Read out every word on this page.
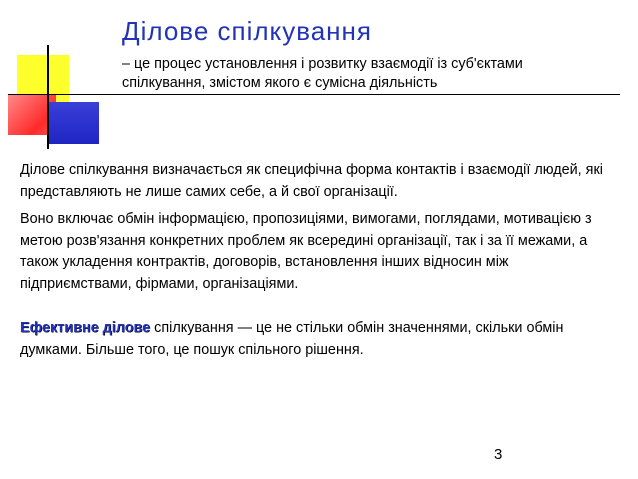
Ділове спілкування
– це процес установлення і розвитку взаємодії із суб'єктами спілкування, змістом якого є сумісна діяльність
Ділове спілкування визначається як специфічна форма контактів і взаємодії людей, які представляють не лише самих себе, а й свої організації.
Воно включає обмін інформацією, пропозиціями, вимогами, поглядами, мотивацією з метою розв'язання конкретних проблем як всередині організації, так і за її межами, а також укладення контрактів, договорів, встановлення інших відносин між підприємствами, фірмами, організаціями.
Ефективне ділове спілкування — це не стільки обмін значеннями, скільки обмін думками. Більше того, це пошук спільного рішення.
3
